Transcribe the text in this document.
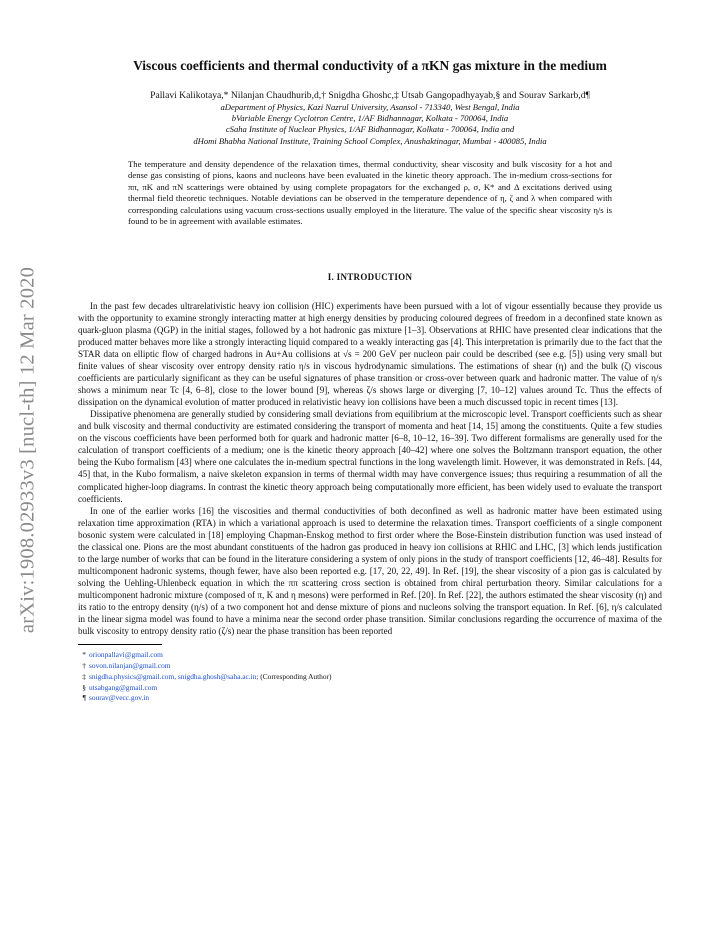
arXiv:1908.02933v3 [nucl-th] 12 Mar 2020
Viscous coefficients and thermal conductivity of a πKN gas mixture in the medium

Pallavi Kalikotaya,* Nilanjan Chaudhurib,d,† Snigdha Ghoshc,‡ Utsab Gangopadhyayab,§ and Sourav Sarkarb,d¶

aDepartment of Physics, Kazi Nazrul University, Asansol - 713340, West Bengal, India

bVariable Energy Cyclotron Centre, 1/AF Bidhannagar, Kolkata - 700064, India

cSaha Institute of Nuclear Physics, 1/AF Bidhannagar, Kolkata - 700064, India and

dHomi Bhabha National Institute, Training School Complex, Anushaktinagar, Mumbai - 400085, India

The temperature and density dependence of the relaxation times, thermal conductivity, shear viscosity and bulk viscosity for a hot and dense gas consisting of pions, kaons and nucleons have been evaluated in the kinetic theory approach. The in-medium cross-sections for ππ, πK and πN scatterings were obtained by using complete propagators for the exchanged ρ, σ, K* and Δ excitations derived using thermal field theoretic techniques. Notable deviations can be observed in the temperature dependence of η, ζ and λ when compared with corresponding calculations using vacuum cross-sections usually employed in the literature. The value of the specific shear viscosity η/s is found to be in agreement with available estimates.

I. INTRODUCTION

In the past few decades ultrarelativistic heavy ion collision (HIC) experiments have been pursued with a lot of vigour essentially because they provide us with the opportunity to examine strongly interacting matter at high energy densities by producing coloured degrees of freedom in a deconfined state known as quark-gluon plasma (QGP) in the initial stages, followed by a hot hadronic gas mixture [1–3]. Observations at RHIC have presented clear indications that the produced matter behaves more like a strongly interacting liquid compared to a weakly interacting gas [4]. This interpretation is primarily due to the fact that the STAR data on elliptic flow of charged hadrons in Au+Au collisions at √s = 200 GeV per nucleon pair could be described (see e.g. [5]) using very small but finite values of shear viscosity over entropy density ratio η/s in viscous hydrodynamic simulations. The estimations of shear (η) and the bulk (ζ) viscous coefficients are particularly significant as they can be useful signatures of phase transition or cross-over between quark and hadronic matter. The value of η/s shows a minimum near Tc [4, 6–8], close to the lower bound [9], whereas ζ/s shows large or diverging [7, 10–12] values around Tc. Thus the effects of dissipation on the dynamical evolution of matter produced in relativistic heavy ion collisions have been a much discussed topic in recent times [13].

Dissipative phenomena are generally studied by considering small deviations from equilibrium at the microscopic level. Transport coefficients such as shear and bulk viscosity and thermal conductivity are estimated considering the transport of momenta and heat [14, 15] among the constituents. Quite a few studies on the viscous coefficients have been performed both for quark and hadronic matter [6–8, 10–12, 16–39]. Two different formalisms are generally used for the calculation of transport coefficients of a medium; one is the kinetic theory approach [40–42] where one solves the Boltzmann transport equation, the other being the Kubo formalism [43] where one calculates the in-medium spectral functions in the long wavelength limit. However, it was demonstrated in Refs. [44, 45] that, in the Kubo formalism, a naive skeleton expansion in terms of thermal width may have convergence issues; thus requiring a resummation of all the complicated higher-loop diagrams. In contrast the kinetic theory approach being computationally more efficient, has been widely used to evaluate the transport coefficients.

In one of the earlier works [16] the viscosities and thermal conductivities of both deconfined as well as hadronic matter have been estimated using relaxation time approximation (RTA) in which a variational approach is used to determine the relaxation times. Transport coefficients of a single component bosonic system were calculated in [18] employing Chapman-Enskog method to first order where the Bose-Einstein distribution function was used instead of the classical one. Pions are the most abundant constituents of the hadron gas produced in heavy ion collisions at RHIC and LHC, [3] which lends justification to the large number of works that can be found in the literature considering a system of only pions in the study of transport coefficients [12, 46–48]. Results for multicomponent hadronic systems, though fewer, have also been reported e.g. [17, 20, 22, 49]. In Ref. [19], the shear viscosity of a pion gas is calculated by solving the Uehling-Uhlenbeck equation in which the ππ scattering cross section is obtained from chiral perturbation theory. Similar calculations for a multicomponent hadronic mixture (composed of π, K and η mesons) were performed in Ref. [20]. In Ref. [22], the authors estimated the shear viscosity (η) and its ratio to the entropy density (η/s) of a two component hot and dense mixture of pions and nucleons solving the transport equation. In Ref. [6], η/s calculated in the linear sigma model was found to have a minima near the second order phase transition. Similar conclusions regarding the occurrence of maxima of the bulk viscosity to entropy density ratio (ζ/s) near the phase transition has been reported

* orionpallavi@gmail.com
† sovon.nilanjan@gmail.com
‡ snigdha.physics@gmail.com, snigdha.ghosh@saha.ac.in; (Corresponding Author)
§ utsabgang@gmail.com
¶ sourav@vecc.gov.in
